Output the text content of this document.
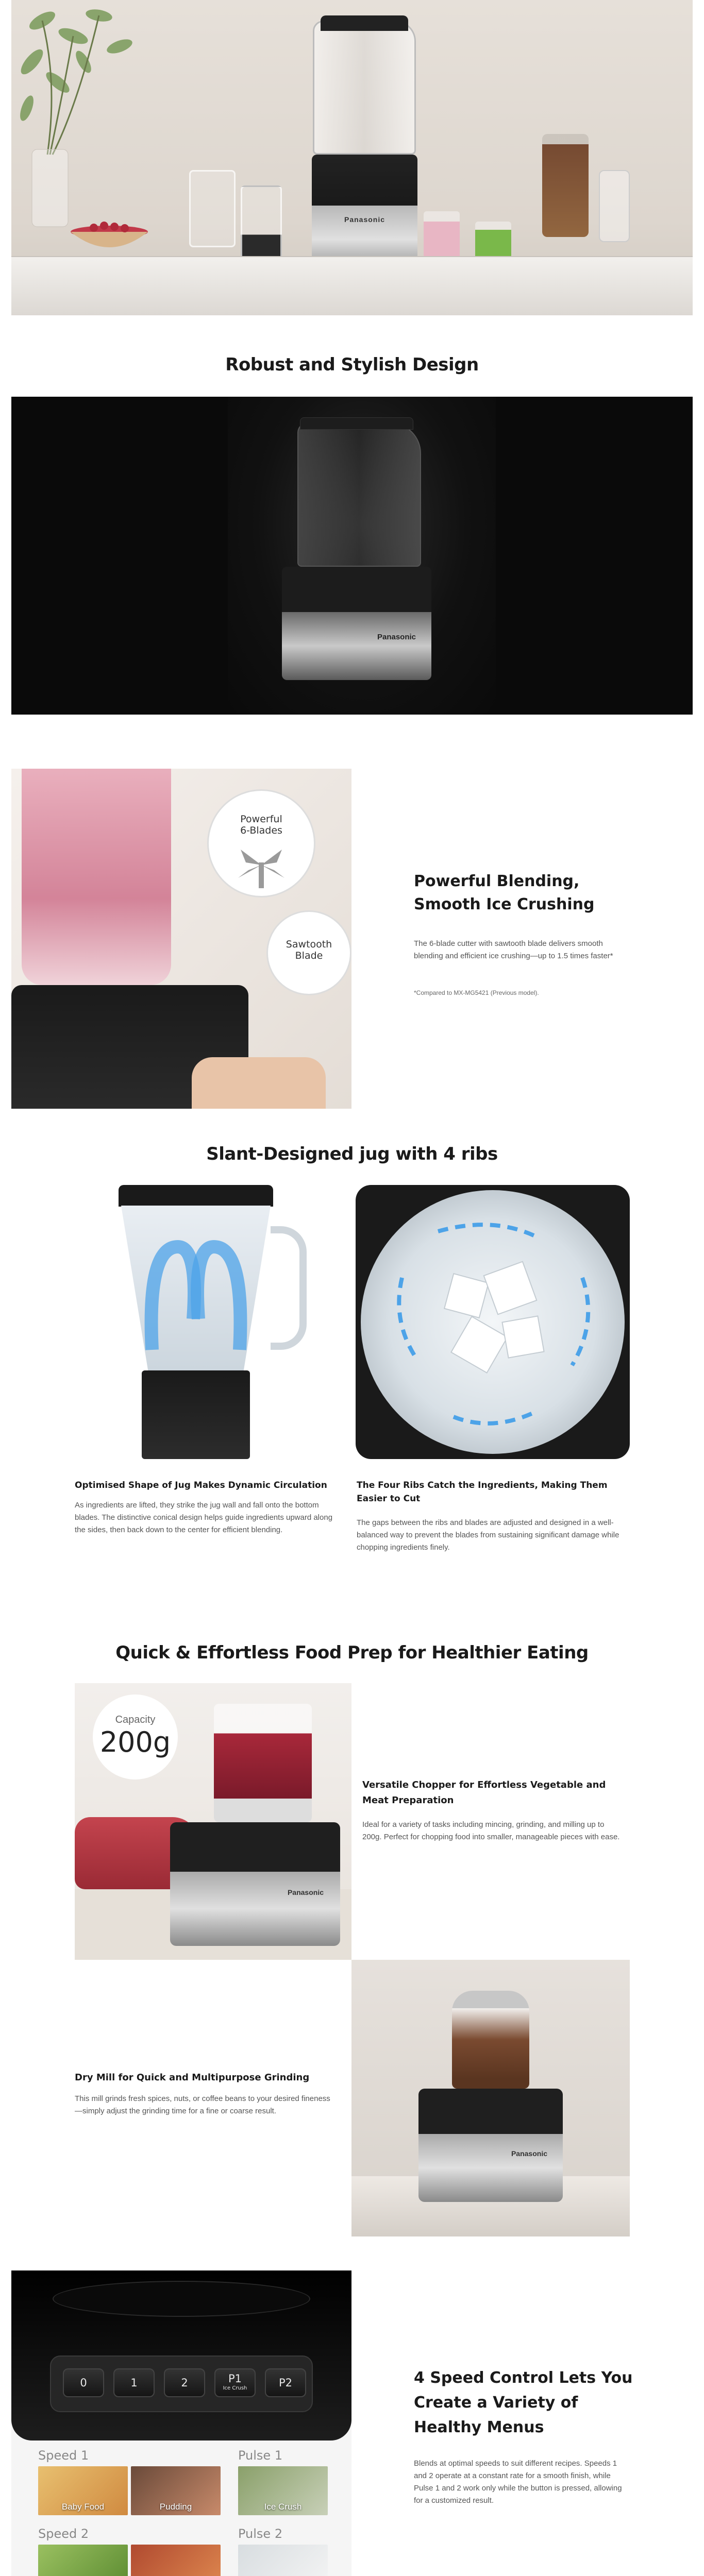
Panasonic
Robust and Stylish Design
Panasonic

Powerful
6-Blades

Sawtooth
Blade

Powerful Blending, Smooth Ice Crushing
The 6-blade cutter with sawtooth blade delivers smooth blending and efficient ice crushing—up to 1.5 times faster*
*Compared to MX-MG5421 (Previous model).
Slant-Designed jug with 4 ribs
Optimised Shape of Jug Makes Dynamic Circulation
As ingredients are lifted, they strike the jug wall and fall onto the bottom blades. The distinctive conical design helps guide ingredients upward along the sides, then back down to the center for efficient blending.
The Four Ribs Catch the Ingredients, Making Them Easier to Cut
The gaps between the ribs and blades are adjusted and designed in a well-balanced way to prevent the blades from sustaining significant damage while chopping ingredients finely.
Quick & Effortless Food Prep for Healthier Eating
Capacity
200g
Panasonic
Versatile Chopper for Effortless Vegetable and Meat Preparation
Ideal for a variety of tasks including mincing, grinding, and milling up to 200g. Perfect for chopping food into smaller, manageable pieces with ease.
Panasonic
Dry Mill for Quick and Multipurpose Grinding
This mill grinds fresh spices, nuts, or coffee beans to your desired fineness—simply adjust the grinding time for a fine or coarse result.
0	1	2	P1
Ice Crush	P2
Speed 1	Pulse 1
Baby Food	Pudding	Ice Crush
Speed 2	Pulse 2
4 Speed Control Lets You Create a Variety of Healthy Menus
Blends at optimal speeds to suit different recipes. Speeds 1 and 2 operate at a constant rate for a smooth finish, while Pulse 1 and 2 work only while the button is pressed, allowing for a customized result.
